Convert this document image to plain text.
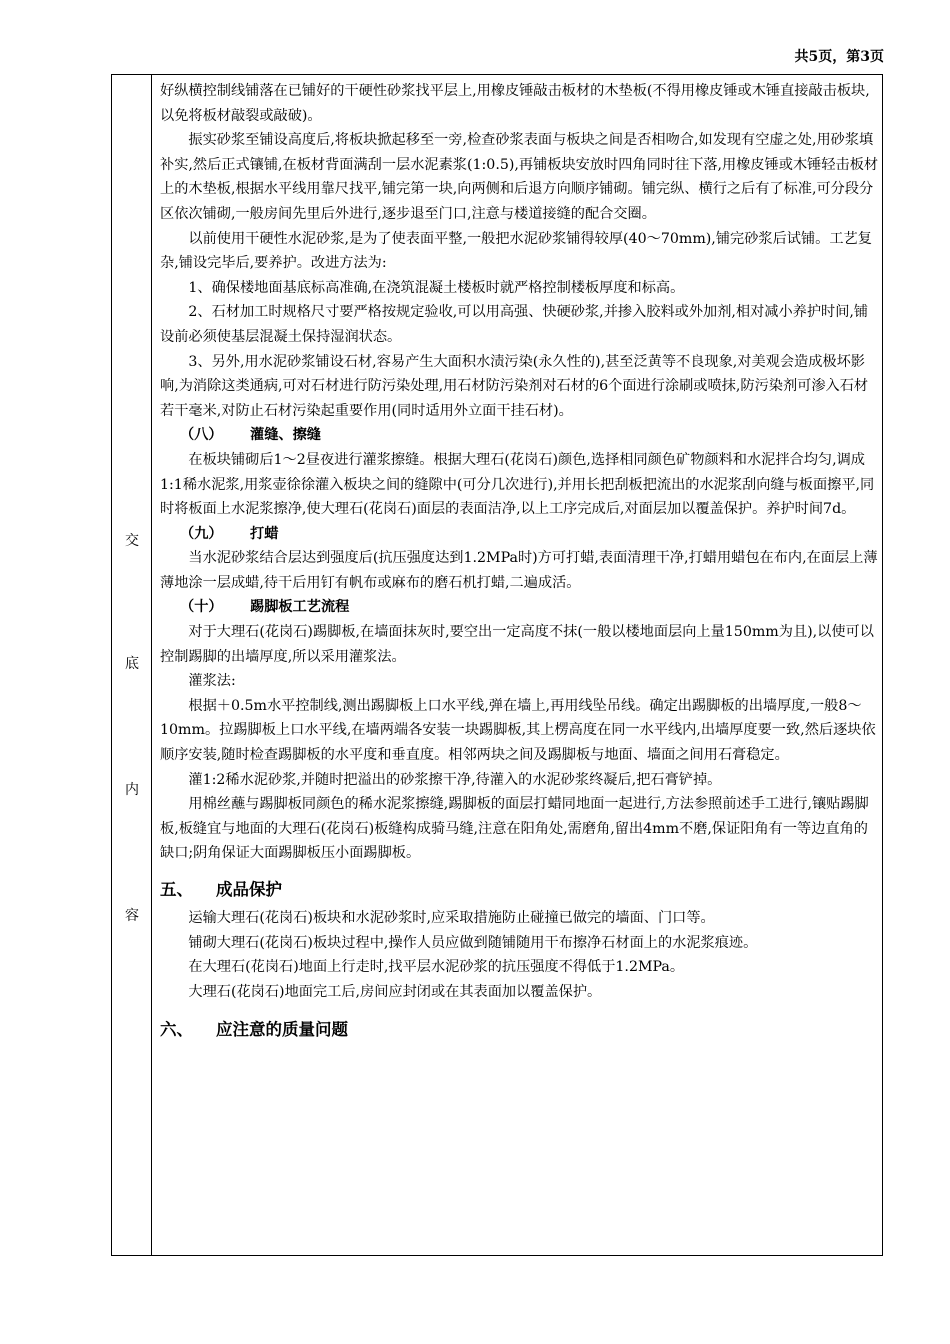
共5页，第3页
交
底
内
容

好纵横控制线铺落在已铺好的干硬性砂浆找平层上,用橡皮锤敲击板材的木垫板(不得用橡皮锤或木锤直接敲击板块,以免将板材敲裂或敲破)。

振实砂浆至铺设高度后,将板块掀起移至一旁,检查砂浆表面与板块之间是否相吻合,如发现有空虚之处,用砂浆填补实,然后正式镶铺,在板材背面满刮一层水泥素浆(1:0.5),再铺板块安放时四角同时往下落,用橡皮锤或木锤轻击板材上的木垫板,根据水平线用靠尺找平,铺完第一块,向两侧和后退方向顺序铺砌。铺完纵、横行之后有了标准,可分段分区依次铺砌,一般房间先里后外进行,逐步退至门口,注意与楼道接缝的配合交圈。

以前使用干硬性水泥砂浆,是为了使表面平整,一般把水泥砂浆铺得较厚(40～70mm),铺完砂浆后试铺。工艺复杂,铺设完毕后,要养护。改进方法为:

1、确保楼地面基底标高准确,在浇筑混凝土楼板时就严格控制楼板厚度和标高。

2、石材加工时规格尺寸要严格按规定验收,可以用高强、快硬砂浆,并掺入胶料或外加剂,相对减小养护时间,铺设前必须使基层混凝土保持湿润状态。

3、另外,用水泥砂浆铺设石材,容易产生大面积水渍污染(永久性的),甚至泛黄等不良现象,对美观会造成极坏影响,为消除这类通病,可对石材进行防污染处理,用石材防污染剂对石材的6个面进行涂刷或喷抹,防污染剂可渗入石材若干毫米,对防止石材污染起重要作用(同时适用外立面干挂石材)。

（八） 灌缝、擦缝

在板块铺砌后1～2昼夜进行灌浆擦缝。根据大理石(花岗石)颜色,选择相同颜色矿物颜料和水泥拌合均匀,调成1:1稀水泥浆,用浆壶徐徐灌入板块之间的缝隙中(可分几次进行),并用长把刮板把流出的水泥浆刮向缝与板面擦平,同时将板面上水泥浆擦净,使大理石(花岗石)面层的表面洁净,以上工序完成后,对面层加以覆盖保护。养护时间7d。

（九） 打蜡

当水泥砂浆结合层达到强度后(抗压强度达到1.2MPa时)方可打蜡,表面清理干净,打蜡用蜡包在布内,在面层上薄薄地涂一层成蜡,待干后用钉有帆布或麻布的磨石机打蜡,二遍成活。

（十） 踢脚板工艺流程

对于大理石(花岗石)踢脚板,在墙面抹灰时,要空出一定高度不抹(一般以楼地面层向上量150mm为且),以使可以控制踢脚的出墙厚度,所以采用灌浆法。

灌浆法:

根据＋0.5m水平控制线,测出踢脚板上口水平线,弹在墙上,再用线坠吊线。确定出踢脚板的出墙厚度,一般8～10mm。拉踢脚板上口水平线,在墙两端各安装一块踢脚板,其上楞高度在同一水平线内,出墙厚度要一致,然后逐块依顺序安装,随时检查踢脚板的水平度和垂直度。相邻两块之间及踢脚板与地面、墙面之间用石膏稳定。

灌1:2稀水泥砂浆,并随时把溢出的砂浆擦干净,待灌入的水泥砂浆终凝后,把石膏铲掉。

用棉丝蘸与踢脚板同颜色的稀水泥浆擦缝,踢脚板的面层打蜡同地面一起进行,方法参照前述手工进行,镶贴踢脚板,板缝宜与地面的大理石(花岗石)板缝构成骑马缝,注意在阳角处,需磨角,留出4mm不磨,保证阳角有一等边直角的缺口;阴角保证大面踢脚板压小面踢脚板。

五、 成品保护

运输大理石(花岗石)板块和水泥砂浆时,应采取措施防止碰撞已做完的墙面、门口等。

铺砌大理石(花岗石)板块过程中,操作人员应做到随铺随用干布擦净石材面上的水泥浆痕迹。

在大理石(花岗石)地面上行走时,找平层水泥砂浆的抗压强度不得低于1.2MPa。

大理石(花岗石)地面完工后,房间应封闭或在其表面加以覆盖保护。

六、 应注意的质量问题
